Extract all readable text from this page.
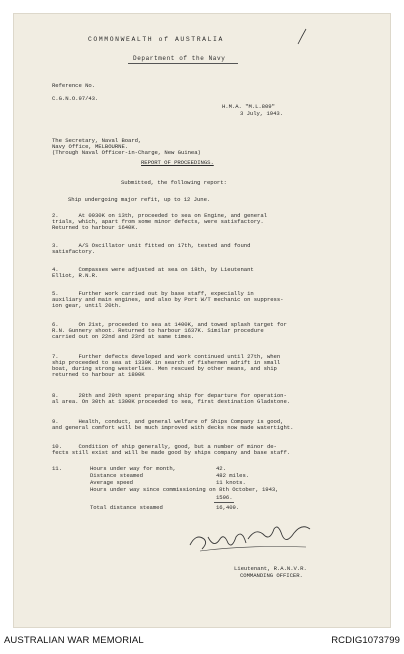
COMMONWEALTH of AUSTRALIA
Department of the Navy
Reference No.
C.G.N.O.97/43.
H.M.A. "M.L.809"
3 July, 1943.
The Secretary, Naval Board,
Navy Office, MELBOURNE.
(Through Naval Officer-in-Charge, New Guinea)
REPORT OF PROCEEDINGS.
Submitted, the following report:
Ship undergoing major refit, up to 12 June.
2.      At 0930K on 13th, proceeded to sea on Engine, and general
trials, which, apart from some minor defects, were satisfactory.
Returned to harbour 1640K.
3.      A/S Oscillator unit fitted on 17th, tested and found
satisfactory.
4.      Compasses were adjusted at sea on 18th, by Lieutenant
Elliot, R.N.R.
5.      Further work carried out by base staff, expecially in
auxiliary and main engines, and also by Port W/T mechanic on suppress-
ion gear, until 20th.
6.      On 21st, proceeded to sea at 1400K, and towed splash target for
R.N. Gunnery shoot. Returned to harbour 1637K. Similar procedure
carried out on 22nd and 23rd at same times.
7.      Further defects developed and work continued until 27th, when
ship proceeded to sea at 1330K in search of fishermen adrift in small
boat, during strong westerlies. Men rescued by other means, and ship
returned to harbour at 1800K
8.      28th and 29th spent preparing ship for departure for operation-
al area. On 30th at 1300K proceeded to sea, first destination Gladstone.
9.      Health, conduct, and general welfare of Ships Company is good,
and general comfort will be much improved with decks now made watertight.
10.     Condition of ship generally, good, but a number of minor de-
fects still exist and will be made good by ships company and base staff.
11.	Hours under way for month,	42.
Distance steamed	482 miles.
Average speed	11 knots.
Hours under way since commissioning on 8th October, 1943,
1596.
Total distance steamed	16,409.
Lieutenant, R.A.N.V.R.
COMMANDING OFFICER.
AUSTRALIAN WAR MEMORIAL	RCDIG1073799
